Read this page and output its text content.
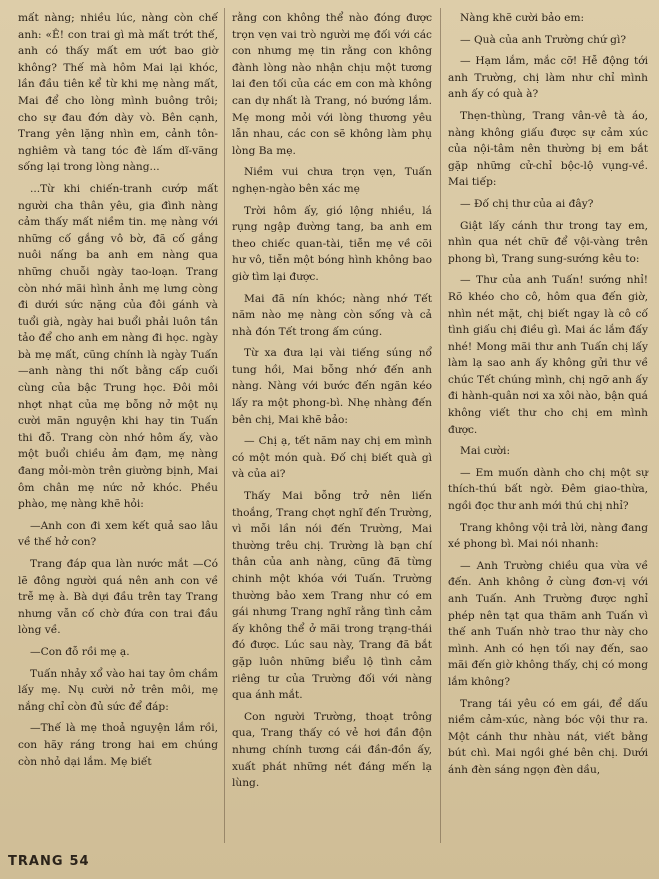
mất nàng; nhiều lúc, nàng còn chế anh: «Ê! con trai gì mà mất trớt thế, anh có thấy mất em ướt bao giờ không? Thế mà hôm Mai lại khóc, lần đầu tiên kể từ khi mẹ nàng mất, Mai để cho lòng mình buông trôi; cho sự đau đớn dày vò. Bên cạnh, Trang yên lặng nhìn em, cảnh tôn-nghiêm và tang tóc đè lấm dĩ-vãng sống lại trong lòng nàng...

...Từ khi chiến-tranh cướp mất người cha thân yêu, gia đình nàng cảm thấy mất niềm tin. mẹ nàng với những cố gắng vô bờ, đã cố gắng nuôi nấng ba anh em nàng qua những chuỗi ngày tao-loạn. Trang còn nhớ mãi hình ảnh mẹ lưng còng đi dưới sức nặng của đôi gánh và tuổi già, ngày hai buổi phải luôn tần tảo để cho anh em nàng đi học. ngày bà mẹ mất, cũng chính là ngày Tuấn—anh nàng thi nốt bằng cấp cuối cùng của bậc Trung học. Đôi môi nhợt nhạt của mẹ bỗng nở một nụ cười mãn nguyện khi hay tin Tuấn thi đỗ. Trang còn nhớ hôm ấy, vào một buổi chiều ảm đạm, mẹ nàng đang mỏi-mòn trên giường bịnh, Mai ôm chân mẹ nức nở khóc. Phều phào, mẹ nàng khẽ hỏi:

—Anh con đi xem kết quả sao lâu về thế hở con?

Trang đáp qua làn nước mắt —Có lẽ đông người quá nên anh con về trễ mẹ à. Bà dựi đầu trên tay Trang nhưng vẫn cố chờ đứa con trai đầu lòng về.

—Con đỗ rồi mẹ ạ.

Tuấn nhảy xổ vào hai tay ôm chầm lấy mẹ. Nụ cười nở trên môi, mẹ nắng chỉ còn đủ sức để đáp:

—Thế là mẹ thoả nguyện lắm rồi, con hãy ráng trong hai em chúng còn nhỏ dại lắm. Mẹ biết

rằng con không thể nào đóng được trọn vẹn vai trò người mẹ đối với các con nhưng mẹ tin rằng con không đành lòng nào nhận chịu một tương lai đen tối của các em con mà không can dự nhất là Trang, nó bướng lắm. Mẹ mong mỏi với lòng thương yêu lẫn nhau, các con sẽ không làm phụ lòng Ba mẹ.

Niềm vui chưa trọn vẹn, Tuấn nghẹn-ngào bên xác mẹ

Trời hôm ấy, gió lộng nhiều, lá rụng ngập đường tang, ba anh em theo chiếc quan-tài, tiễn mẹ về cõi hư vô, tiễn một bóng hình không bao giờ tìm lại được.

Mai đã nín khóc; nàng nhớ Tết năm nào mẹ nàng còn sống và cả nhà đón Tết trong ấm cúng.

Từ xa đưa lại vài tiếng súng nổ tung hồi, Mai bỗng nhớ đến anh nàng. Nàng với bước đến ngăn kéo lấy ra một phong-bì. Nhẹ nhàng đến bên chị, Mai khẽ bảo:

— Chị ạ, tết năm nay chị em mình có một món quà. Đố chị biết quà gì và của ai?

Thấy Mai bỗng trở nên liến thoắng, Trang chợt nghĩ đến Trường, vì mỗi lần nói đến Trường, Mai thường trêu chị. Trường là bạn chí thân của anh nàng, cũng đã từng chinh một khóa với Tuấn. Trường thường bảo xem Trang như có em gái nhưng Trang nghĩ rằng tình cảm ấy không thể ở mãi trong trạng-thái đó được. Lúc sau này, Trang đã bắt gặp luôn những biểu lộ tình cảm riêng tư của Trường đối với nàng qua ánh mắt.

Con người Trường, thoạt trông qua, Trang thấy có vẻ hơi đần độn nhưng chính tương cái đần-đồn ấy, xuất phát những nét đáng mến lạ lùng.

Nàng khẽ cười bảo em:

— Quà của anh Trường chứ gì?

— Hạm lắm, mắc cỡ! Hễ động tới anh Trường, chị làm như chỉ mình anh ấy có quà à?

Thẹn-thùng, Trang vân-vê tà áo, nàng không giấu được sự cảm xúc của nội-tâm nên thường bị em bắt gặp những cử-chỉ bộc-lộ vụng-về. Mai tiếp:

— Đố chị thư của ai đây?

Giật lấy cánh thư trong tay em, nhìn qua nét chữ để vội-vàng trên phong bì, Trang sung-sướng kêu to:

— Thư của anh Tuấn! sướng nhỉ! Rõ khéo cho cô, hôm qua đến giờ, nhìn nét mặt, chị biết ngay là cô cố tình giấu chị điều gì. Mai ác lắm đấy nhé! Mong mãi thư anh Tuấn chị lấy làm lạ sao anh ấy không gửi thư về chúc Tết chúng mình, chị ngỡ anh ấy đi hành-quân nơi xa xôi nào, bận quá không viết thư cho chị em mình được.

Mai cười:

— Em muốn dành cho chị một sự thích-thú bất ngờ. Đêm giao-thừa, ngồi đọc thư anh mới thú chị nhỉ?

Trang không vội trả lời, nàng đang xé phong bì. Mai nói nhanh:

— Anh Trường chiều qua vừa về đến. Anh không ở cùng đơn-vị với anh Tuấn. Anh Trường được nghỉ phép nên tạt qua thăm anh Tuấn vì thế anh Tuấn nhờ trao thư này cho mình. Anh có hẹn tối nay đến, sao mãi đến giờ không thấy, chị có mong lắm không?

Trang tái yêu có em gái, để dấu niềm cảm-xúc, nàng bóc vội thư ra. Một cánh thư nhàu nát, viết bằng bút chì. Mai ngồi ghé bên chị. Dưới ánh đèn sáng ngọn đèn dầu,

TRANG 54
